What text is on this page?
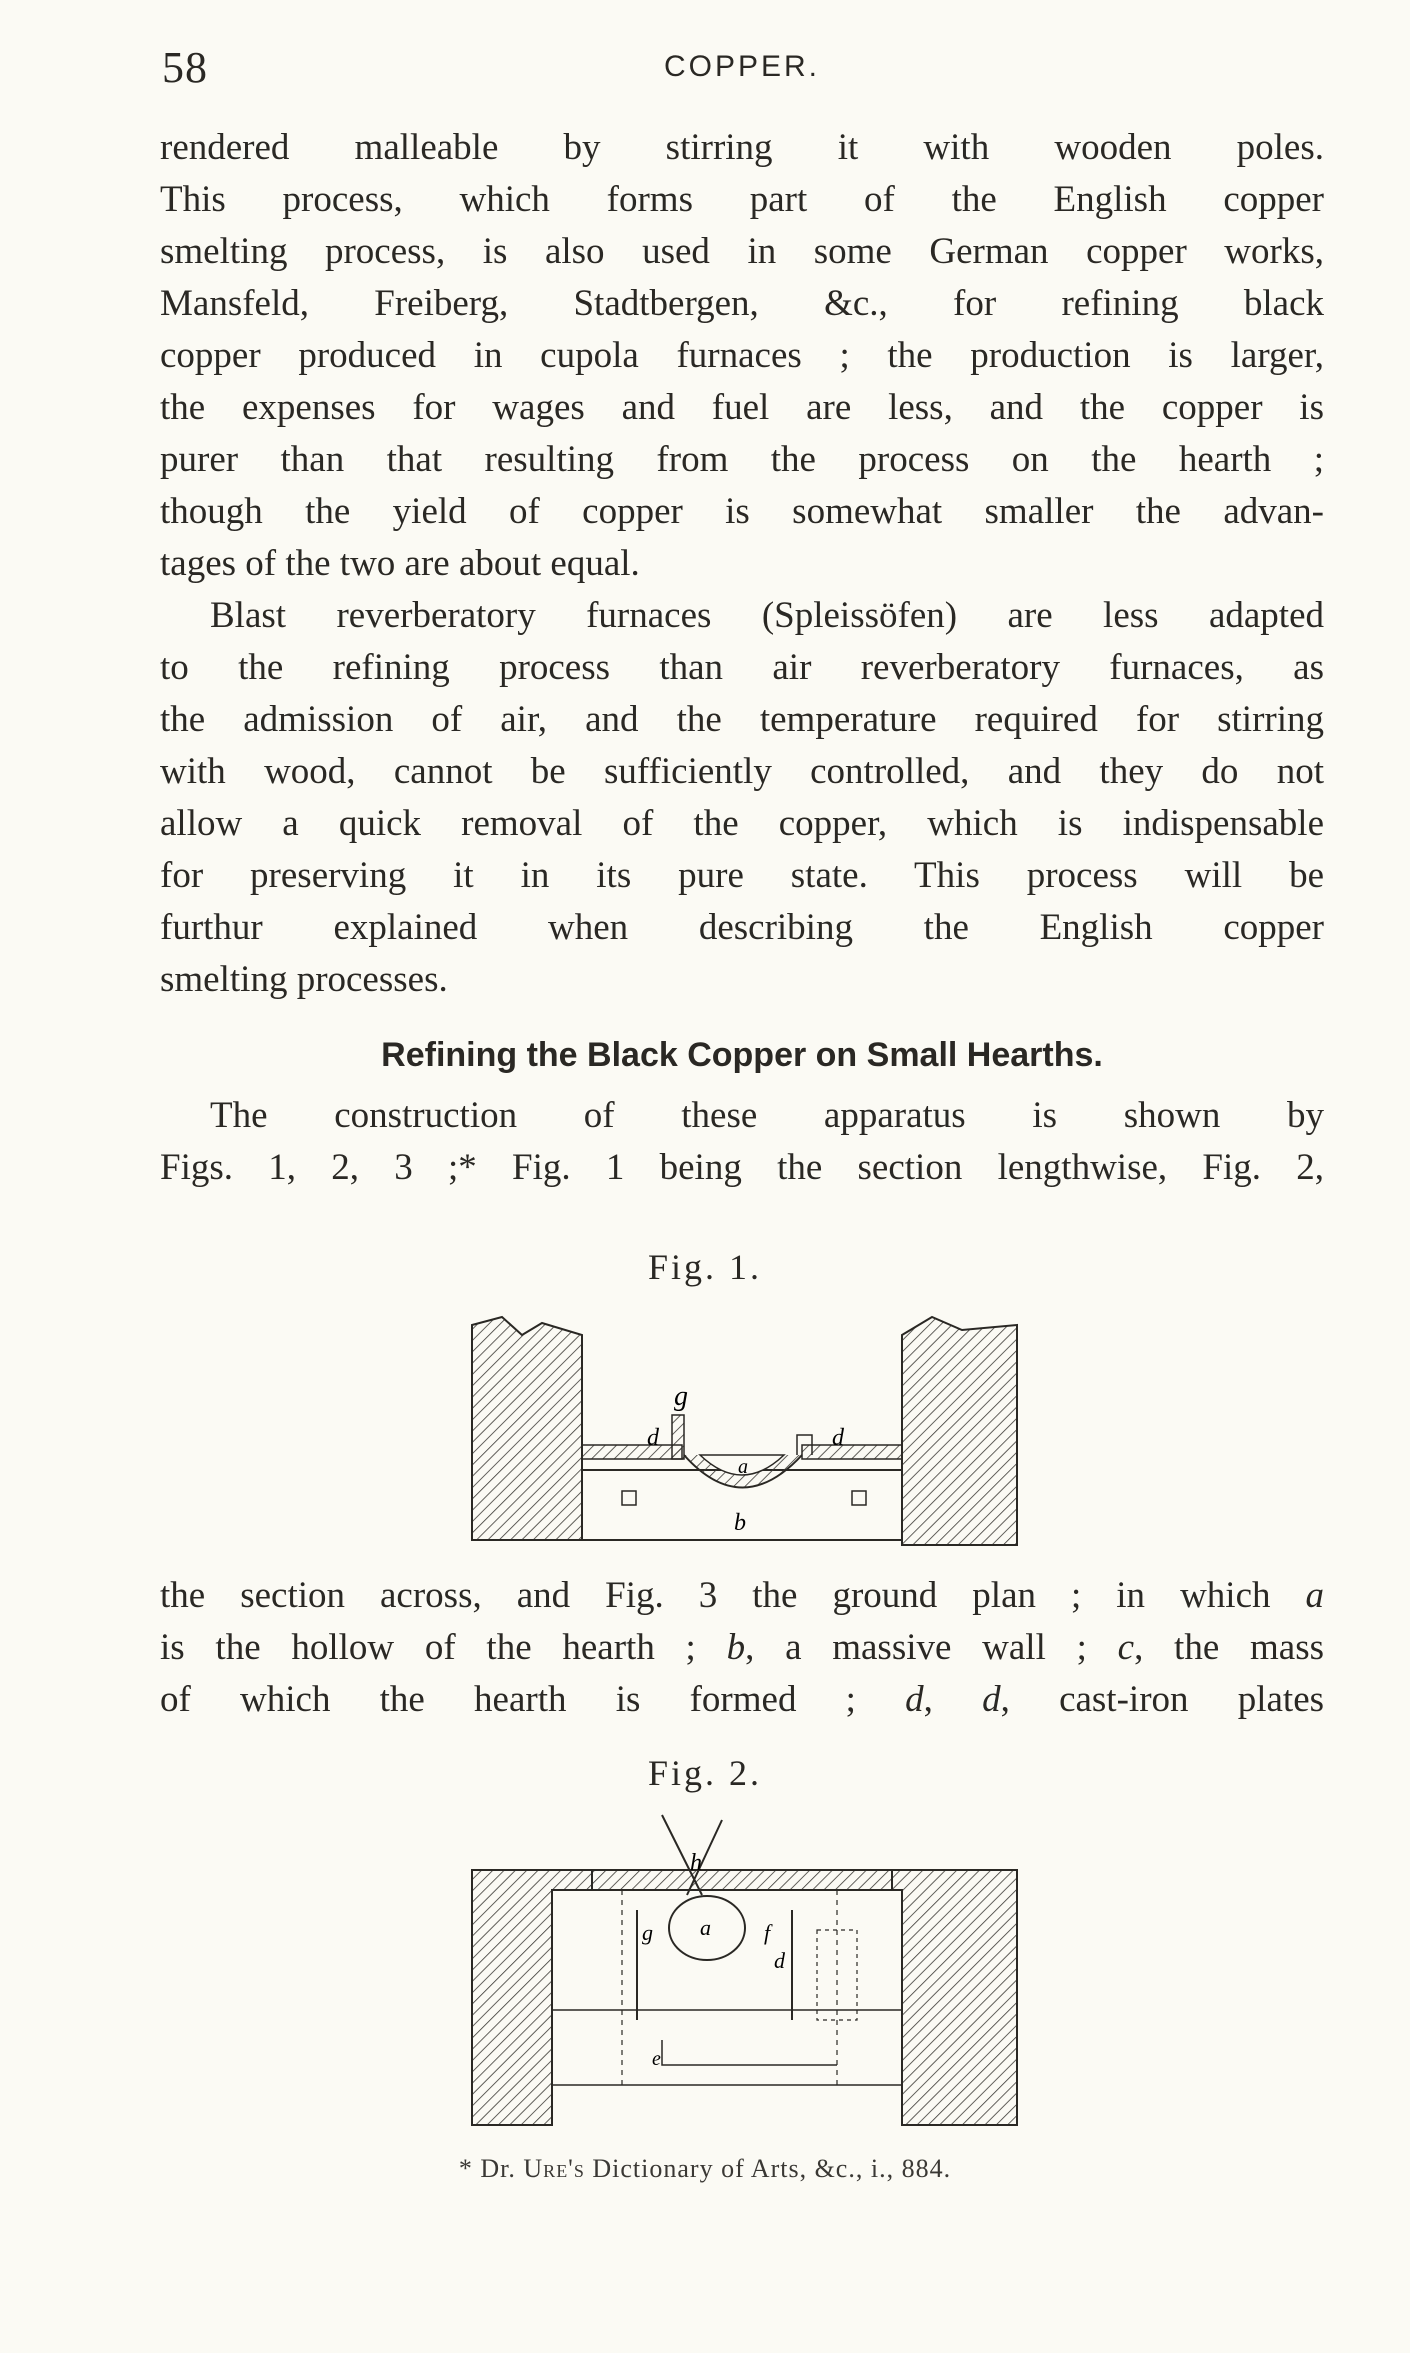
58	COPPER.

rendered malleable by stirring it with wooden poles.

This process, which forms part of the English copper

smelting process, is also used in some German copper works,

Mansfeld, Freiberg, Stadtbergen, &c., for refining black

copper produced in cupola furnaces ; the production is larger,

the expenses for wages and fuel are less, and the copper is

purer than that resulting from the process on the hearth ;

though the yield of copper is somewhat smaller the advan-

tages of the two are about equal.

Blast reverberatory furnaces (Spleissöfen) are less adapted

to the refining process than air reverberatory furnaces, as

the admission of air, and the temperature required for stirring

with wood, cannot be sufficiently controlled, and they do not

allow a quick removal of the copper, which is indispensable

for preserving it in its pure state. This process will be

furthur explained when describing the English copper

smelting processes.

Refining the Black Copper on Small Hearths.

The construction of these apparatus is shown by

Figs. 1, 2, 3 ;* Fig. 1 being the section lengthwise, Fig. 2,

Fig. 1.
g
d	d
a
b

the section across, and Fig. 3 the ground plan ; in which a

is the hollow of the hearth ; b, a massive wall ; c, the mass

of which the hearth is formed ; d, d, cast-iron plates

Fig. 2.
h
g a f
d
e
* Dr. Ure's Dictionary of Arts, &c., i., 884.
